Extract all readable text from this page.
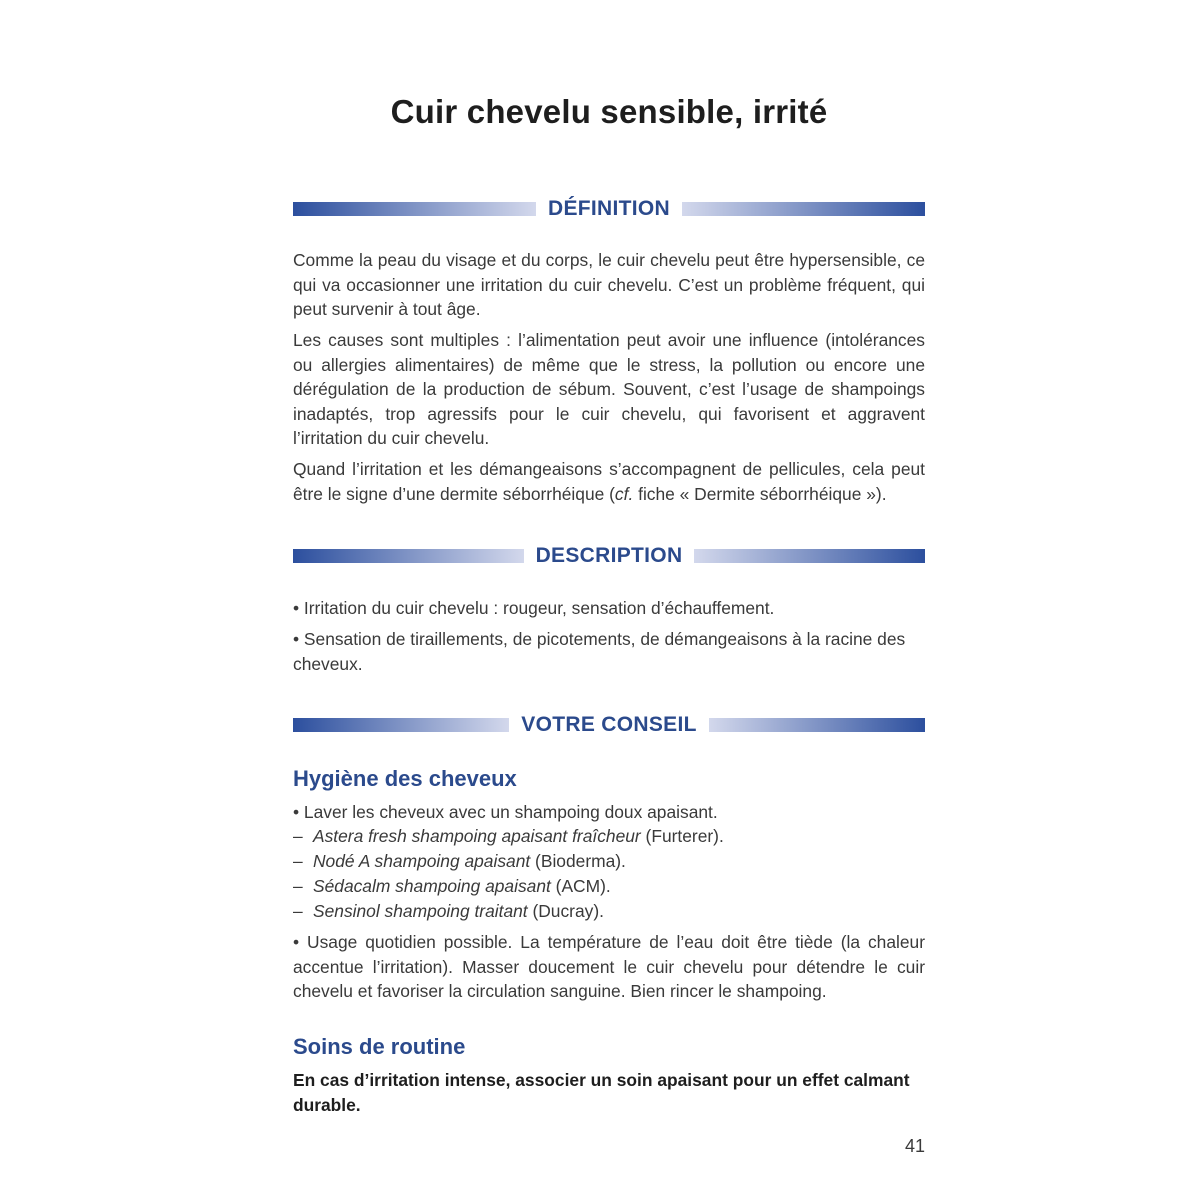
Cuir chevelu sensible, irrité
DÉFINITION

Comme la peau du visage et du corps, le cuir chevelu peut être hypersensible, ce qui va occasionner une irritation du cuir chevelu. C’est un problème fréquent, qui peut survenir à tout âge.

Les causes sont multiples : l’alimentation peut avoir une influence (intolérances ou allergies alimentaires) de même que le stress, la pollution ou encore une dérégulation de la production de sébum. Souvent, c’est l’usage de shampoings inadaptés, trop agressifs pour le cuir chevelu, qui favorisent et aggravent l’irritation du cuir chevelu.

Quand l’irritation et les démangeaisons s’accompagnent de pellicules, cela peut être le signe d’une dermite séborrhéique (cf. fiche « Dermite séborrhéique »).

DESCRIPTION

• Irritation du cuir chevelu : rougeur, sensation d’échauffement.

• Sensation de tiraillements, de picotements, de démangeaisons à la racine des cheveux.

VOTRE CONSEIL
Hygiène des cheveux

• Laver les cheveux avec un shampoing doux apaisant.

– Astera fresh shampoing apaisant fraîcheur (Furterer).

– Nodé A shampoing apaisant (Bioderma).

– Sédacalm shampoing apaisant (ACM).

– Sensinol shampoing traitant (Ducray).

• Usage quotidien possible. La température de l’eau doit être tiède (la chaleur accentue l’irritation). Masser doucement le cuir chevelu pour détendre le cuir chevelu et favoriser la circulation sanguine. Bien rincer le shampoing.

Soins de routine

En cas d’irritation intense, associer un soin apaisant pour un effet calmant durable.

41
